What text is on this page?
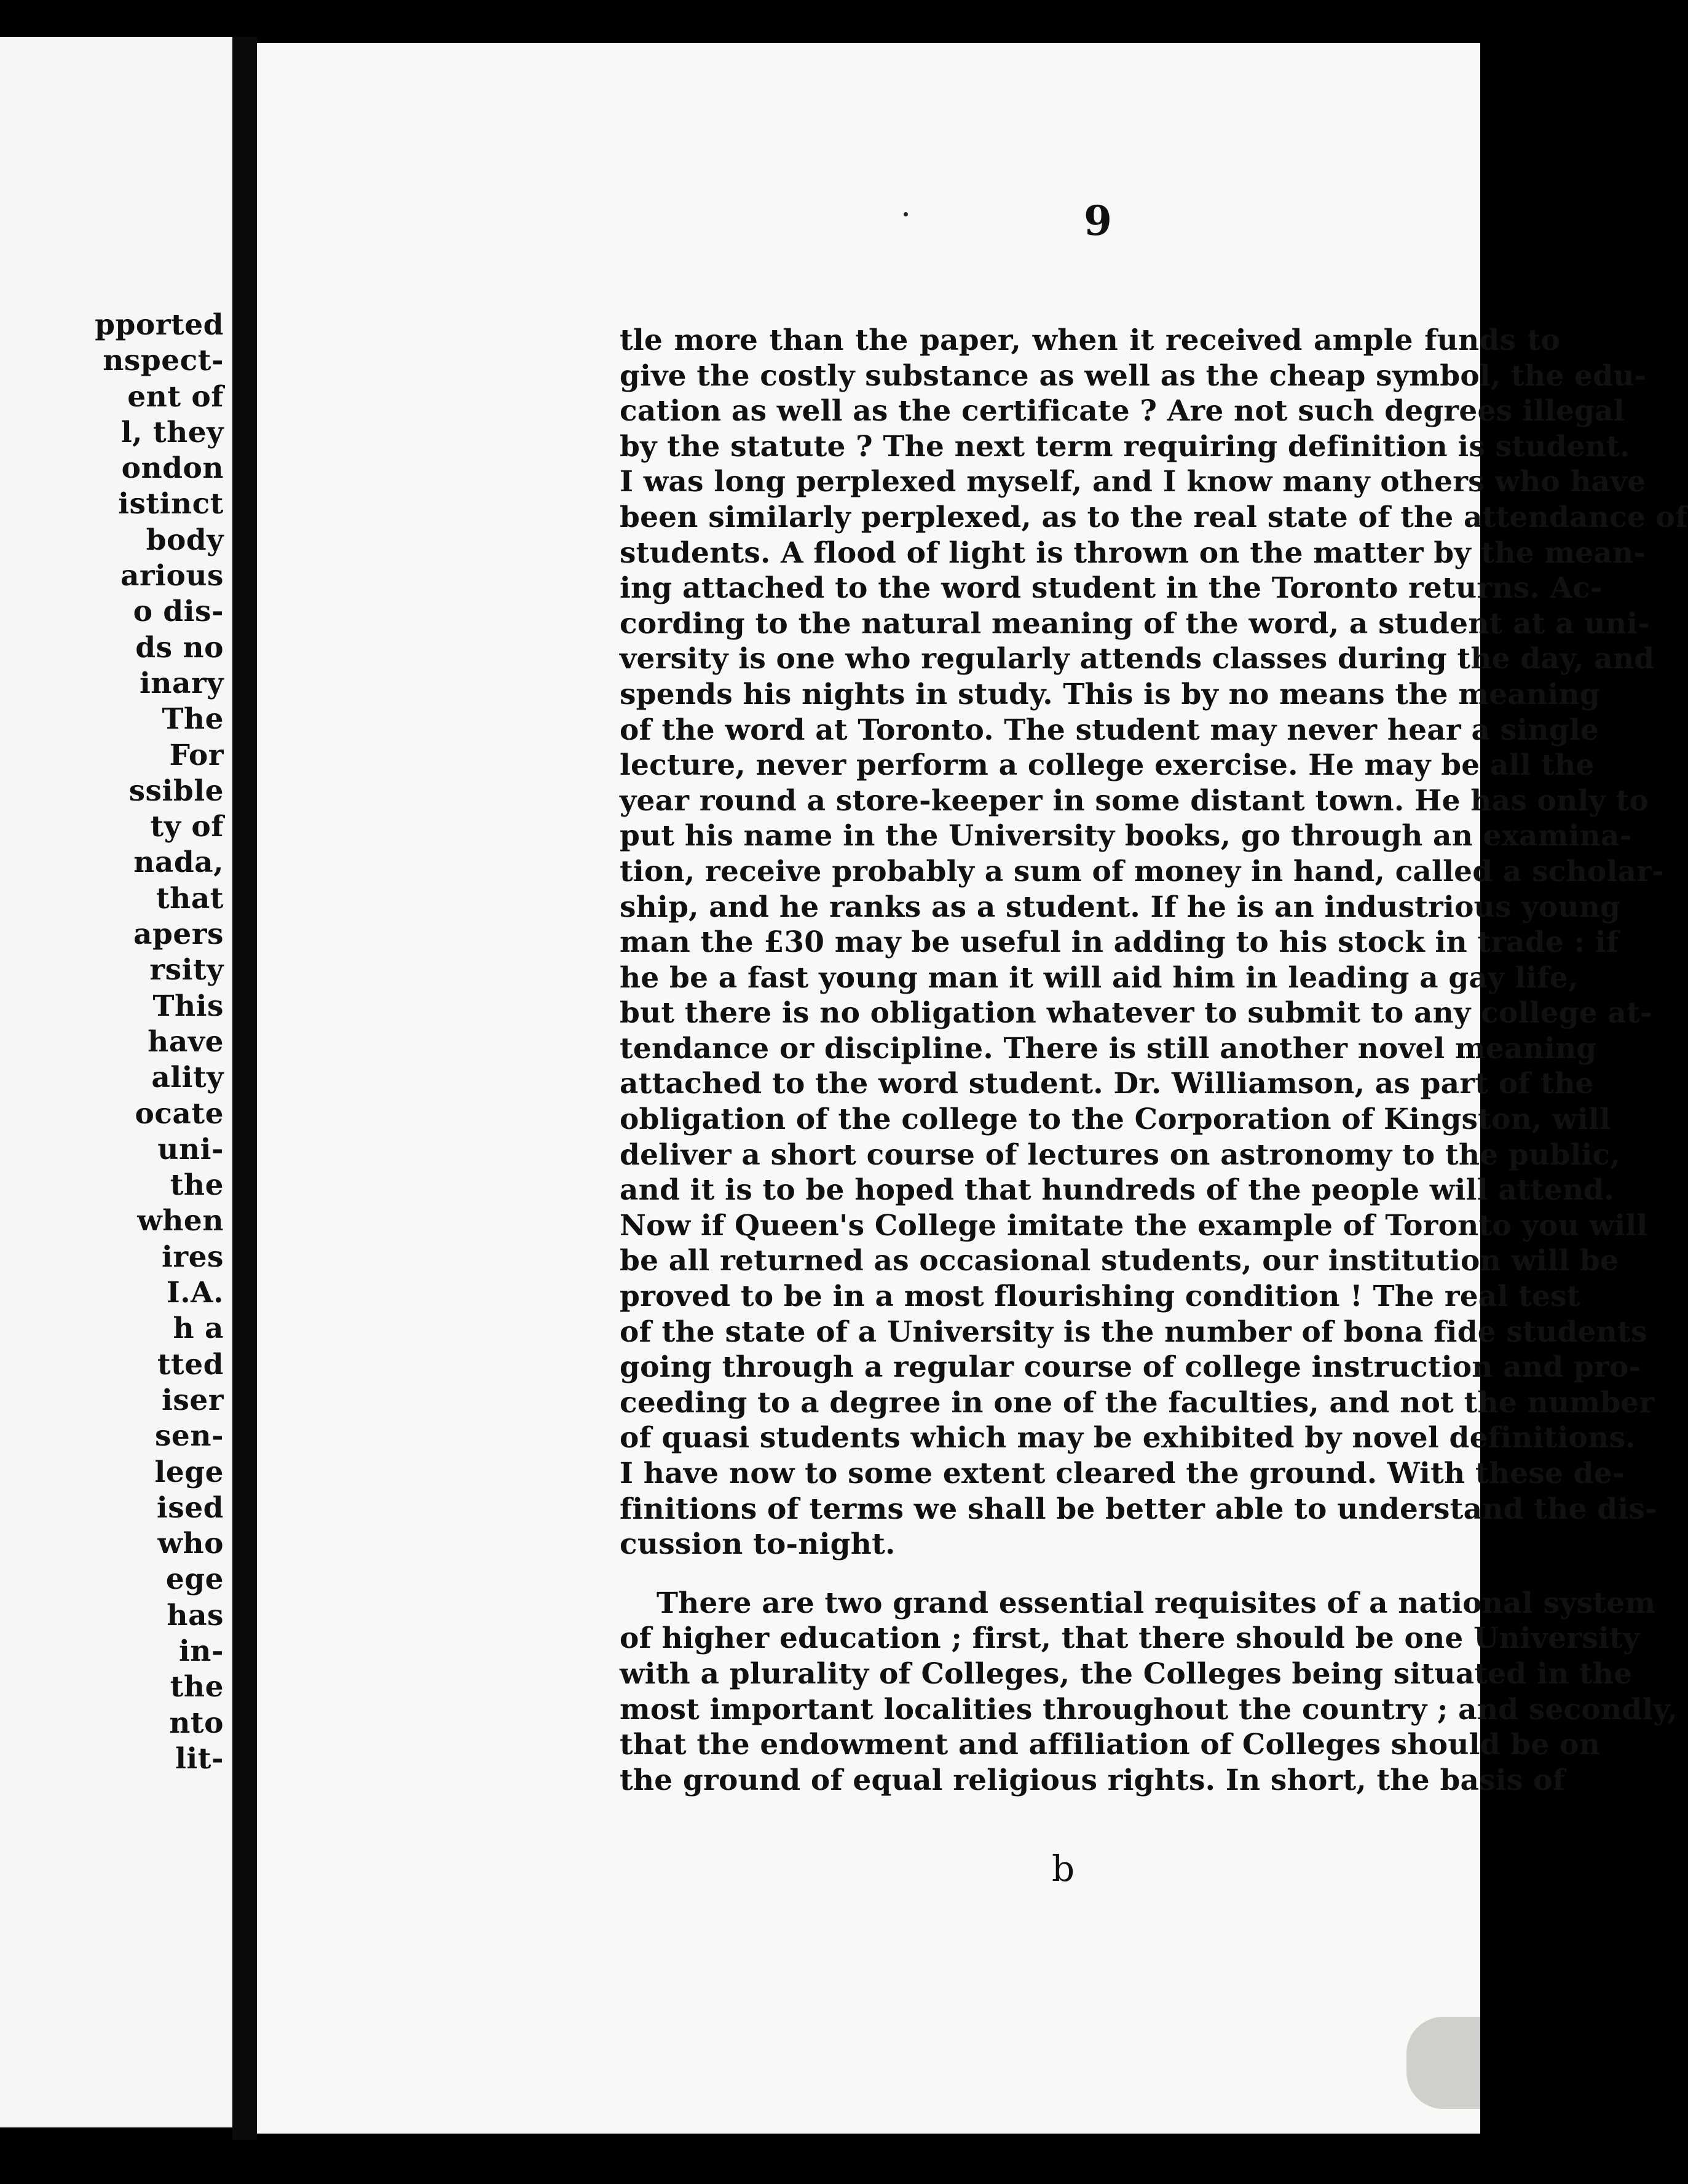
pported
nspect-
ent of
l, they
ondon
istinct
body
arious
o dis-
ds no
inary
The
For
ssible
ty of
nada,
that
apers
rsity
This
have
ality
ocate
uni-
the
when
ires
I.A.
h a
tted
iser
sen-
lege
ised
who
ege
has
in-
the
nto
lit-
9
tle more than the paper, when it received ample funds to
give the costly substance as well as the cheap symbol, the edu-
cation as well as the certificate ? Are not such degrees illegal
by the statute ? The next term requiring definition is student.
I was long perplexed myself, and I know many others who have
been similarly perplexed, as to the real state of the attendance of
students. A flood of light is thrown on the matter by the mean-
ing attached to the word student in the Toronto returns. Ac-
cording to the natural meaning of the word, a student at a uni-
versity is one who regularly attends classes during the day, and
spends his nights in study. This is by no means the meaning
of the word at Toronto. The student may never hear a single
lecture, never perform a college exercise. He may be all the
year round a store-keeper in some distant town. He has only to
put his name in the University books, go through an examina-
tion, receive probably a sum of money in hand, called a scholar-
ship, and he ranks as a student. If he is an industrious young
man the £30 may be useful in adding to his stock in trade : if
he be a fast young man it will aid him in leading a gay life,
but there is no obligation whatever to submit to any college at-
tendance or discipline. There is still another novel meaning
attached to the word student. Dr. Williamson, as part of the
obligation of the college to the Corporation of Kingston, will
deliver a short course of lectures on astronomy to the public,
and it is to be hoped that hundreds of the people will attend.
Now if Queen's College imitate the example of Toronto you will
be all returned as occasional students, our institution will be
proved to be in a most flourishing condition ! The real test
of the state of a University is the number of bona fide students
going through a regular course of college instruction and pro-
ceeding to a degree in one of the faculties, and not the number
of quasi students which may be exhibited by novel definitions.
I have now to some extent cleared the ground. With these de-
finitions of terms we shall be better able to understand the dis-
cussion to-night.
There are two grand essential requisites of a national system
of higher education ; first, that there should be one University
with a plurality of Colleges, the Colleges being situated in the
most important localities throughout the country ; and secondly,
that the endowment and affiliation of Colleges should be on
the ground of equal religious rights. In short, the basis of
b
